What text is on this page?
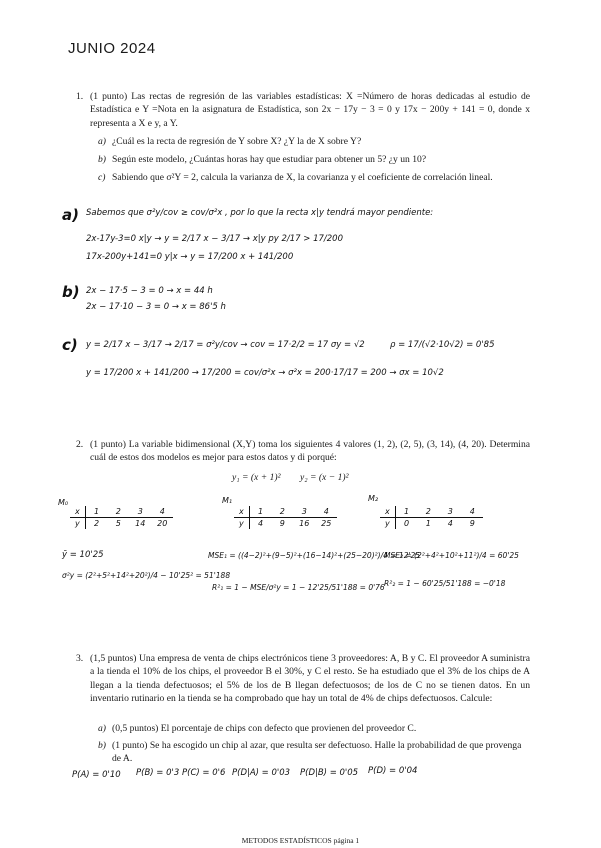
JUNIO 2024
1. (1 punto) Las rectas de regresión de las variables estadísticas: X =Número de horas dedicadas al estudio de Estadística e Y =Nota en la asignatura de Estadística, son 2x − 17y − 3 = 0 y 17x − 200y + 141 = 0, donde x representa a X e y, a Y.
a) ¿Cuál es la recta de regresión de Y sobre X? ¿Y la de X sobre Y?
b) Según este modelo, ¿Cuántas horas hay que estudiar para obtener un 5? ¿y un 10?
c) Sabiendo que σ²Y = 2, calcula la varianza de X, la covarianza y el coeficiente de correlación lineal.
a) Sabemos que σ²y/cov ≥ cov/σ²x , por lo que la recta x|y tendrá mayor pendiente:
2x-17y-3=0 x|y → y = 2/17 x − 3/17 → x|y py 2/17 > 17/200
17x-200y+141=0 y|x → y = 17/200 x + 141/200
b) 2x − 17·5 − 3 = 0 → x = 44 h
2x − 17·10 − 3 = 0 → x = 86'5 h
c) y = 2/17 x − 3/17 → 2/17 = σ²y/cov → cov = 17·2/2 = 17 σy = √2	ρ = 17/(√2·10√2) = 0'85
y = 17/200 x + 141/200 → 17/200 = cov/σ²x → σ²x = 200·17/17 = 200 → σx = 10√2
2. (1 punto) La variable bidimensional (X,Y) toma los siguientes 4 valores (1, 2), (2, 5), (3, 14), (4, 20). Determina cuál de estos dos modelos es mejor para estos datos y di porqué:
y₁ = (x + 1)² y₂ = (x − 1)²
M₀
x	1	2	3	4
y	2	5	14	20
M₁
x	1	2	3	4
y	4	9	16	25
M₂
x	1	2	3	4
y	0	1	4	9
ȳ = 10'25
σ²y = (2²+5²+14²+20²)/4 − 10'25² = 51'188
MSE₁ = ((4−2)²+(9−5)²+(16−14)²+(25−20)²)/4 = 12'25
R²₁ = 1 − MSE/σ²y = 1 − 12'25/51'188 = 0'76
MSE₂ = (2²+4²+10²+11²)/4 = 60'25
R²₂ = 1 − 60'25/51'188 = −0'18
3. (1,5 puntos) Una empresa de venta de chips electrónicos tiene 3 proveedores: A, B y C. El proveedor A suministra a la tienda el 10% de los chips, el proveedor B el 30%, y C el resto. Se ha estudiado que el 3% de los chips de A llegan a la tienda defectuosos; el 5% de los de B llegan defectuosos; de los de C no se tienen datos. En un inventario rutinario en la tienda se ha comprobado que hay un total de 4% de chips defectuosos. Calcule:
a) (0,5 puntos) El porcentaje de chips con defecto que provienen del proveedor C.
b) (1 punto) Se ha escogido un chip al azar, que resulta ser defectuoso. Halle la probabilidad de que provenga de A.
P(A) = 0'10 P(B) = 0'3 P(C) = 0'6 P(D|A) = 0'03 P(D|B) = 0'05 P(D) = 0'04
METODOS ESTADÍSTICOS página 1
